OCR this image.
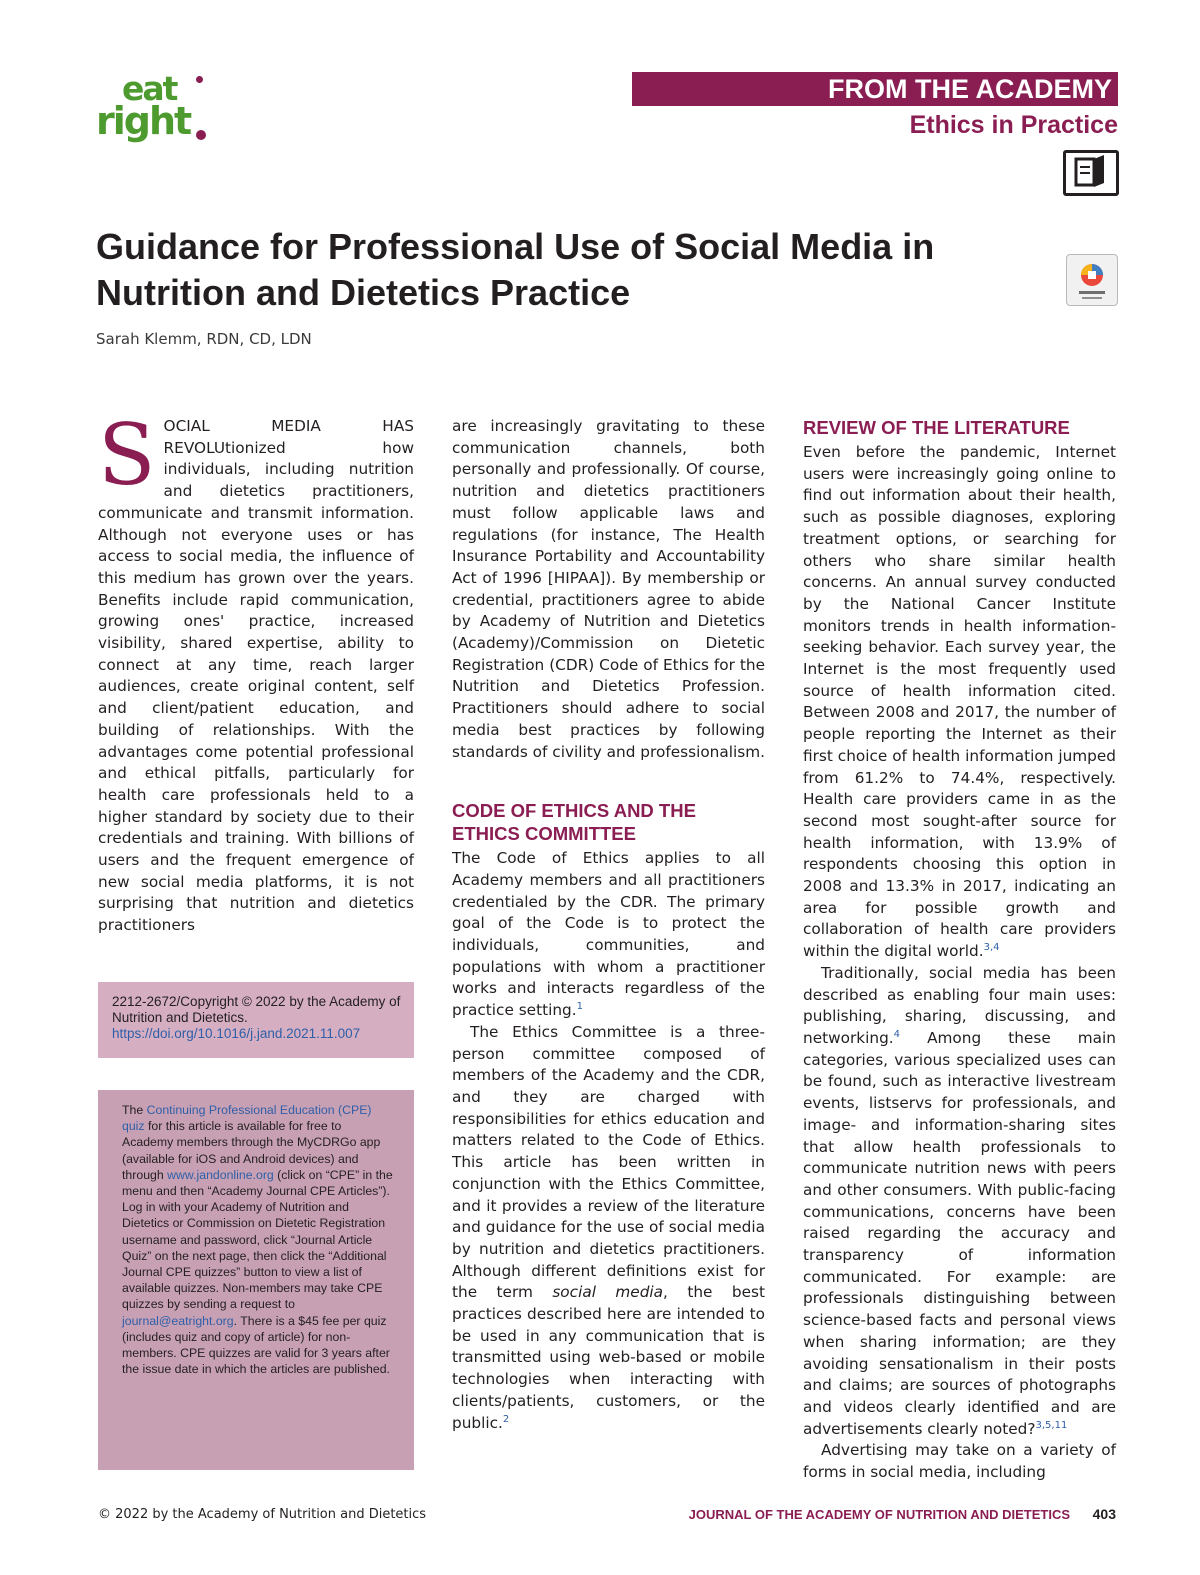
eat
right
FROM THE ACADEMY
Ethics in Practice
Guidance for Professional Use of Social Media in Nutrition and Dietetics Practice
Sarah Klemm, RDN, CD, LDN

S OCIAL MEDIA HAS REVOLUtionized how individuals, including nutrition and dietetics practitioners, communicate and transmit information. Although not everyone uses or has access to social media, the influence of this medium has grown over the years. Benefits include rapid communication, growing ones' practice, increased visibility, shared expertise, ability to connect at any time, reach larger audiences, create original content, self and client/patient education, and building of relationships. With the advantages come potential professional and ethical pitfalls, particularly for health care professionals held to a higher standard by society due to their credentials and training. With billions of users and the frequent emergence of new social media platforms, it is not surprising that nutrition and dietetics practitioners

2212-2672/Copyright © 2022 by the Academy of Nutrition and Dietetics.
https://doi.org/10.1016/j.jand.2021.11.007
The Continuing Professional Education (CPE) quiz for this article is available for free to Academy members through the MyCDRGo app (available for iOS and Android devices) and through www.jandonline.org (click on “CPE” in the menu and then “Academy Journal CPE Articles”). Log in with your Academy of Nutrition and Dietetics or Commission on Dietetic Registration username and password, click “Journal Article Quiz” on the next page, then click the “Additional Journal CPE quizzes” button to view a list of available quizzes. Non-members may take CPE quizzes by sending a request to journal@eatright.org. There is a $45 fee per quiz (includes quiz and copy of article) for non-members. CPE quizzes are valid for 3 years after the issue date in which the articles are published.

are increasingly gravitating to these communication channels, both personally and professionally. Of course, nutrition and dietetics practitioners must follow applicable laws and regulations (for instance, The Health Insurance Portability and Accountability Act of 1996 [HIPAA]). By membership or credential, practitioners agree to abide by Academy of Nutrition and Dietetics (Academy)/Commission on Dietetic Registration (CDR) Code of Ethics for the Nutrition and Dietetics Profession. Practitioners should adhere to social media best practices by following standards of civility and professionalism.

CODE OF ETHICS AND THE ETHICS COMMITTEE

The Code of Ethics applies to all Academy members and all practitioners credentialed by the CDR. The primary goal of the Code is to protect the individuals, communities, and populations with whom a practitioner works and interacts regardless of the practice setting.$^1$

The Ethics Committee is a three-person committee composed of members of the Academy and the CDR, and they are charged with responsibilities for ethics education and matters related to the Code of Ethics. This article has been written in conjunction with the Ethics Committee, and it provides a review of the literature and guidance for the use of social media by nutrition and dietetics practitioners. Although different definitions exist for the term social media, the best practices described here are intended to be used in any communication that is transmitted using web-based or mobile technologies when interacting with clients/patients, customers, or the public.$^2$

REVIEW OF THE LITERATURE

Even before the pandemic, Internet users were increasingly going online to find out information about their health, such as possible diagnoses, exploring treatment options, or searching for others who share similar health concerns. An annual survey conducted by the National Cancer Institute monitors trends in health information-seeking behavior. Each survey year, the Internet is the most frequently used source of health information cited. Between 2008 and 2017, the number of people reporting the Internet as their first choice of health information jumped from 61.2% to 74.4%, respectively. Health care providers came in as the second most sought-after source for health information, with 13.9% of respondents choosing this option in 2008 and 13.3% in 2017, indicating an area for possible growth and collaboration of health care providers within the digital world.$^{3,4}$

Traditionally, social media has been described as enabling four main uses: publishing, sharing, discussing, and networking.$^4$ Among these main categories, various specialized uses can be found, such as interactive livestream events, listservs for professionals, and image- and information-sharing sites that allow health professionals to communicate nutrition news with peers and other consumers. With public-facing communications, concerns have been raised regarding the accuracy and transparency of information communicated. For example: are professionals distinguishing between science-based facts and personal views when sharing information; are they avoiding sensationalism in their posts and claims; are sources of photographs and videos clearly identified and are advertisements clearly noted?$^{3,5,11}$

Advertising may take on a variety of forms in social media, including

© 2022 by the Academy of Nutrition and Dietetics	JOURNAL OF THE ACADEMY OF NUTRITION AND DIETETICS 403
